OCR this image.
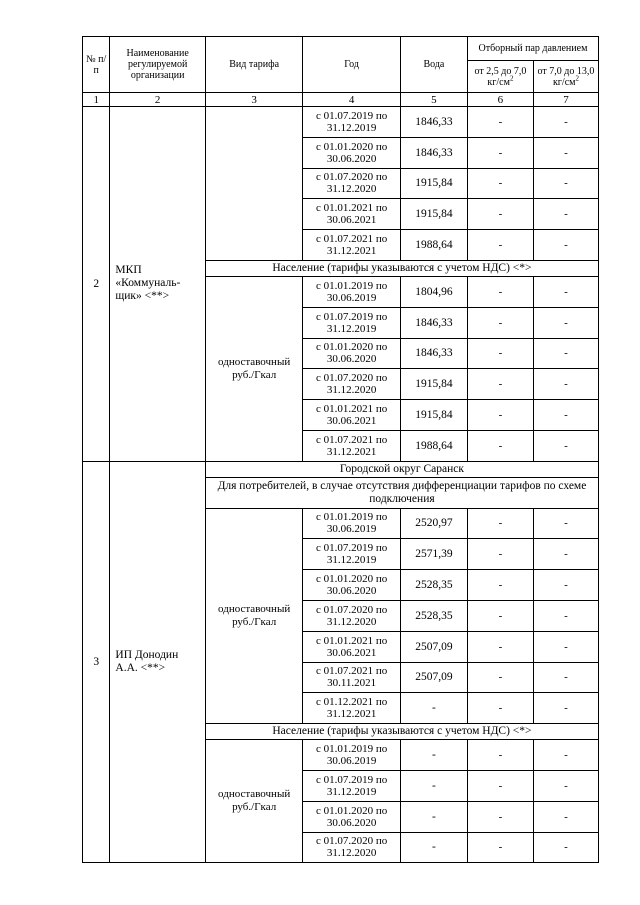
№ п/п	Наименование регулируемой организации	Вид тарифа	Год	Вода	Отборный пар давлением	
					от 2,5 до 7,0 $кг/см^2$	от 7,0 до 13,0 $кг/см^2$
1	2	3	4	5	6	7
2	МКП «Коммуналь-щик» <**>		с 01.07.2019 по 31.12.2019	1846,33	-	-
			с 01.01.2020 по 30.06.2020	1846,33	-	-
			с 01.07.2020 по 31.12.2020	1915,84	-	-
			с 01.01.2021 по 30.06.2021	1915,84	-	-
			с 01.07.2021 по 31.12.2021	1988,64	-	-
		Население (тарифы указываются с учетом НДС) <*>				
		одноставочный руб./Гкал	с 01.01.2019 по 30.06.2019	1804,96	-	-
			с 01.07.2019 по 31.12.2019	1846,33	-	-
			с 01.01.2020 по 30.06.2020	1846,33	-	-
			с 01.07.2020 по 31.12.2020	1915,84	-	-
			с 01.01.2021 по 30.06.2021	1915,84	-	-
			с 01.07.2021 по 31.12.2021	1988,64	-	-
3	ИП Донодин А.А. <**>	Городской округ Саранск				
		Для потребителей, в случае отсутствия дифференциации тарифов по схеме подключения				
		одноставочный руб./Гкал	с 01.01.2019 по 30.06.2019	2520,97	-	-
			с 01.07.2019 по 31.12.2019	2571,39	-	-
			с 01.01.2020 по 30.06.2020	2528,35	-	-
			с 01.07.2020 по 31.12.2020	2528,35	-	-
			с 01.01.2021 по 30.06.2021	2507,09	-	-
			с 01.07.2021 по 30.11.2021	2507,09	-	-
			с 01.12.2021 по 31.12.2021	-	-	-
		Население (тарифы указываются с учетом НДС) <*>				
		одноставочный руб./Гкал	с 01.01.2019 по 30.06.2019	-	-	-
			с 01.07.2019 по 31.12.2019	-	-	-
			с 01.01.2020 по 30.06.2020	-	-	-
			с 01.07.2020 по 31.12.2020	-	-	-
